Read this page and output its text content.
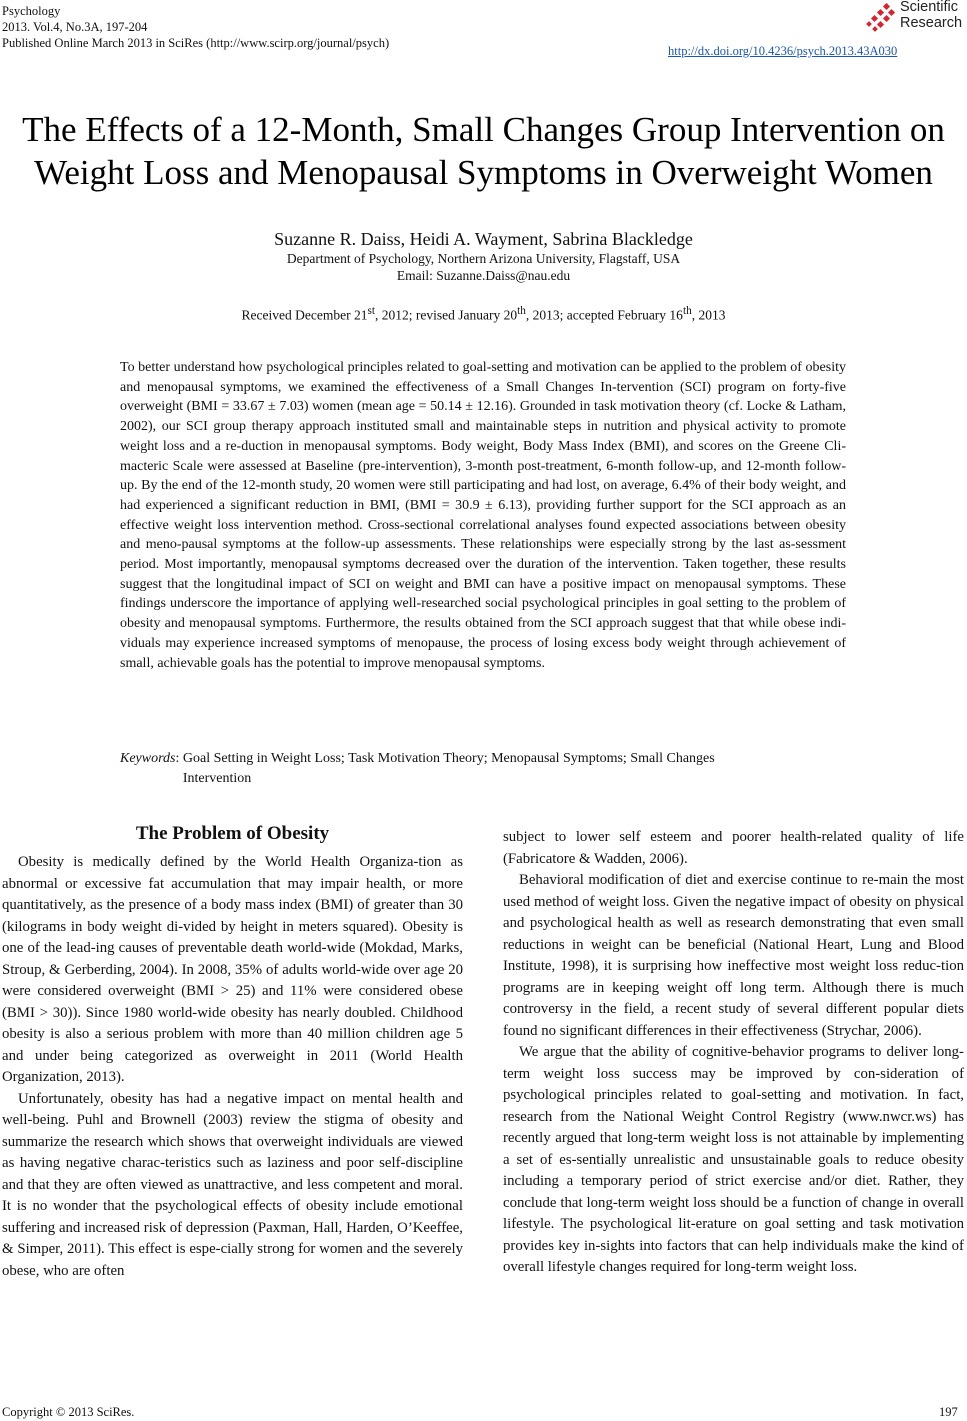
Psychology
2013. Vol.4, No.3A, 197-204
Published Online March 2013 in SciRes (http://www.scirp.org/journal/psych)
http://dx.doi.org/10.4236/psych.2013.43A030
Scientific
Research
The Effects of a 12-Month, Small Changes Group Intervention on
Weight Loss and Menopausal Symptoms in Overweight Women
Suzanne R. Daiss, Heidi A. Wayment, Sabrina Blackledge
Department of Psychology, Northern Arizona University, Flagstaff, USA
Email: Suzanne.Daiss@nau.edu
Received December 21st, 2012; revised January 20th, 2013; accepted February 16th, 2013

To better understand how psychological principles related to goal-setting and motivation can be applied to the problem of obesity and menopausal symptoms, we examined the effectiveness of a Small Changes In-tervention (SCI) program on forty-five overweight (BMI = 33.67 ± 7.03) women (mean age = 50.14 ± 12.16). Grounded in task motivation theory (cf. Locke & Latham, 2002), our SCI group therapy approach instituted small and maintainable steps in nutrition and physical activity to promote weight loss and a re-duction in menopausal symptoms. Body weight, Body Mass Index (BMI), and scores on the Greene Cli-macteric Scale were assessed at Baseline (pre-intervention), 3-month post-treatment, 6-month follow-up, and 12-month follow-up. By the end of the 12-month study, 20 women were still participating and had lost, on average, 6.4% of their body weight, and had experienced a significant reduction in BMI, (BMI = 30.9 ± 6.13), providing further support for the SCI approach as an effective weight loss intervention method. Cross-sectional correlational analyses found expected associations between obesity and meno-pausal symptoms at the follow-up assessments. These relationships were especially strong by the last as-sessment period. Most importantly, menopausal symptoms decreased over the duration of the intervention. Taken together, these results suggest that the longitudinal impact of SCI on weight and BMI can have a positive impact on menopausal symptoms. These findings underscore the importance of applying well-researched social psychological principles in goal setting to the problem of obesity and menopausal symptoms. Furthermore, the results obtained from the SCI approach suggest that that while obese indi-viduals may experience increased symptoms of menopause, the process of losing excess body weight through achievement of small, achievable goals has the potential to improve menopausal symptoms.

Keywords: Goal Setting in Weight Loss; Task Motivation Theory; Menopausal Symptoms; Small Changes Intervention
The Problem of Obesity

Obesity is medically defined by the World Health Organiza-tion as abnormal or excessive fat accumulation that may impair health, or more quantitatively, as the presence of a body mass index (BMI) of greater than 30 (kilograms in body weight di-vided by height in meters squared). Obesity is one of the lead-ing causes of preventable death world-wide (Mokdad, Marks, Stroup, & Gerberding, 2004). In 2008, 35% of adults world-wide over age 20 were considered overweight (BMI > 25) and 11% were considered obese (BMI > 30)). Since 1980 world-wide obesity has nearly doubled. Childhood obesity is also a serious problem with more than 40 million children age 5 and under being categorized as overweight in 2011 (World Health Organization, 2013).

Unfortunately, obesity has had a negative impact on mental health and well-being. Puhl and Brownell (2003) review the stigma of obesity and summarize the research which shows that overweight individuals are viewed as having negative charac-teristics such as laziness and poor self-discipline and that they are often viewed as unattractive, and less competent and moral. It is no wonder that the psychological effects of obesity include emotional suffering and increased risk of depression (Paxman, Hall, Harden, O’Keeffee, & Simper, 2011). This effect is espe-cially strong for women and the severely obese, who are often

subject to lower self esteem and poorer health-related quality of life (Fabricatore & Wadden, 2006).

Behavioral modification of diet and exercise continue to re-main the most used method of weight loss. Given the negative impact of obesity on physical and psychological health as well as research demonstrating that even small reductions in weight can be beneficial (National Heart, Lung and Blood Institute, 1998), it is surprising how ineffective most weight loss reduc-tion programs are in keeping weight off long term. Although there is much controversy in the field, a recent study of several different popular diets found no significant differences in their effectiveness (Strychar, 2006).

We argue that the ability of cognitive-behavior programs to deliver long-term weight loss success may be improved by con-sideration of psychological principles related to goal-setting and motivation. In fact, research from the National Weight Control Registry (www.nwcr.ws) has recently argued that long-term weight loss is not attainable by implementing a set of es-sentially unrealistic and unsustainable goals to reduce obesity including a temporary period of strict exercise and/or diet. Rather, they conclude that long-term weight loss should be a function of change in overall lifestyle. The psychological lit-erature on goal setting and task motivation provides key in-sights into factors that can help individuals make the kind of overall lifestyle changes required for long-term weight loss.

Copyright © 2013 SciRes.	197
